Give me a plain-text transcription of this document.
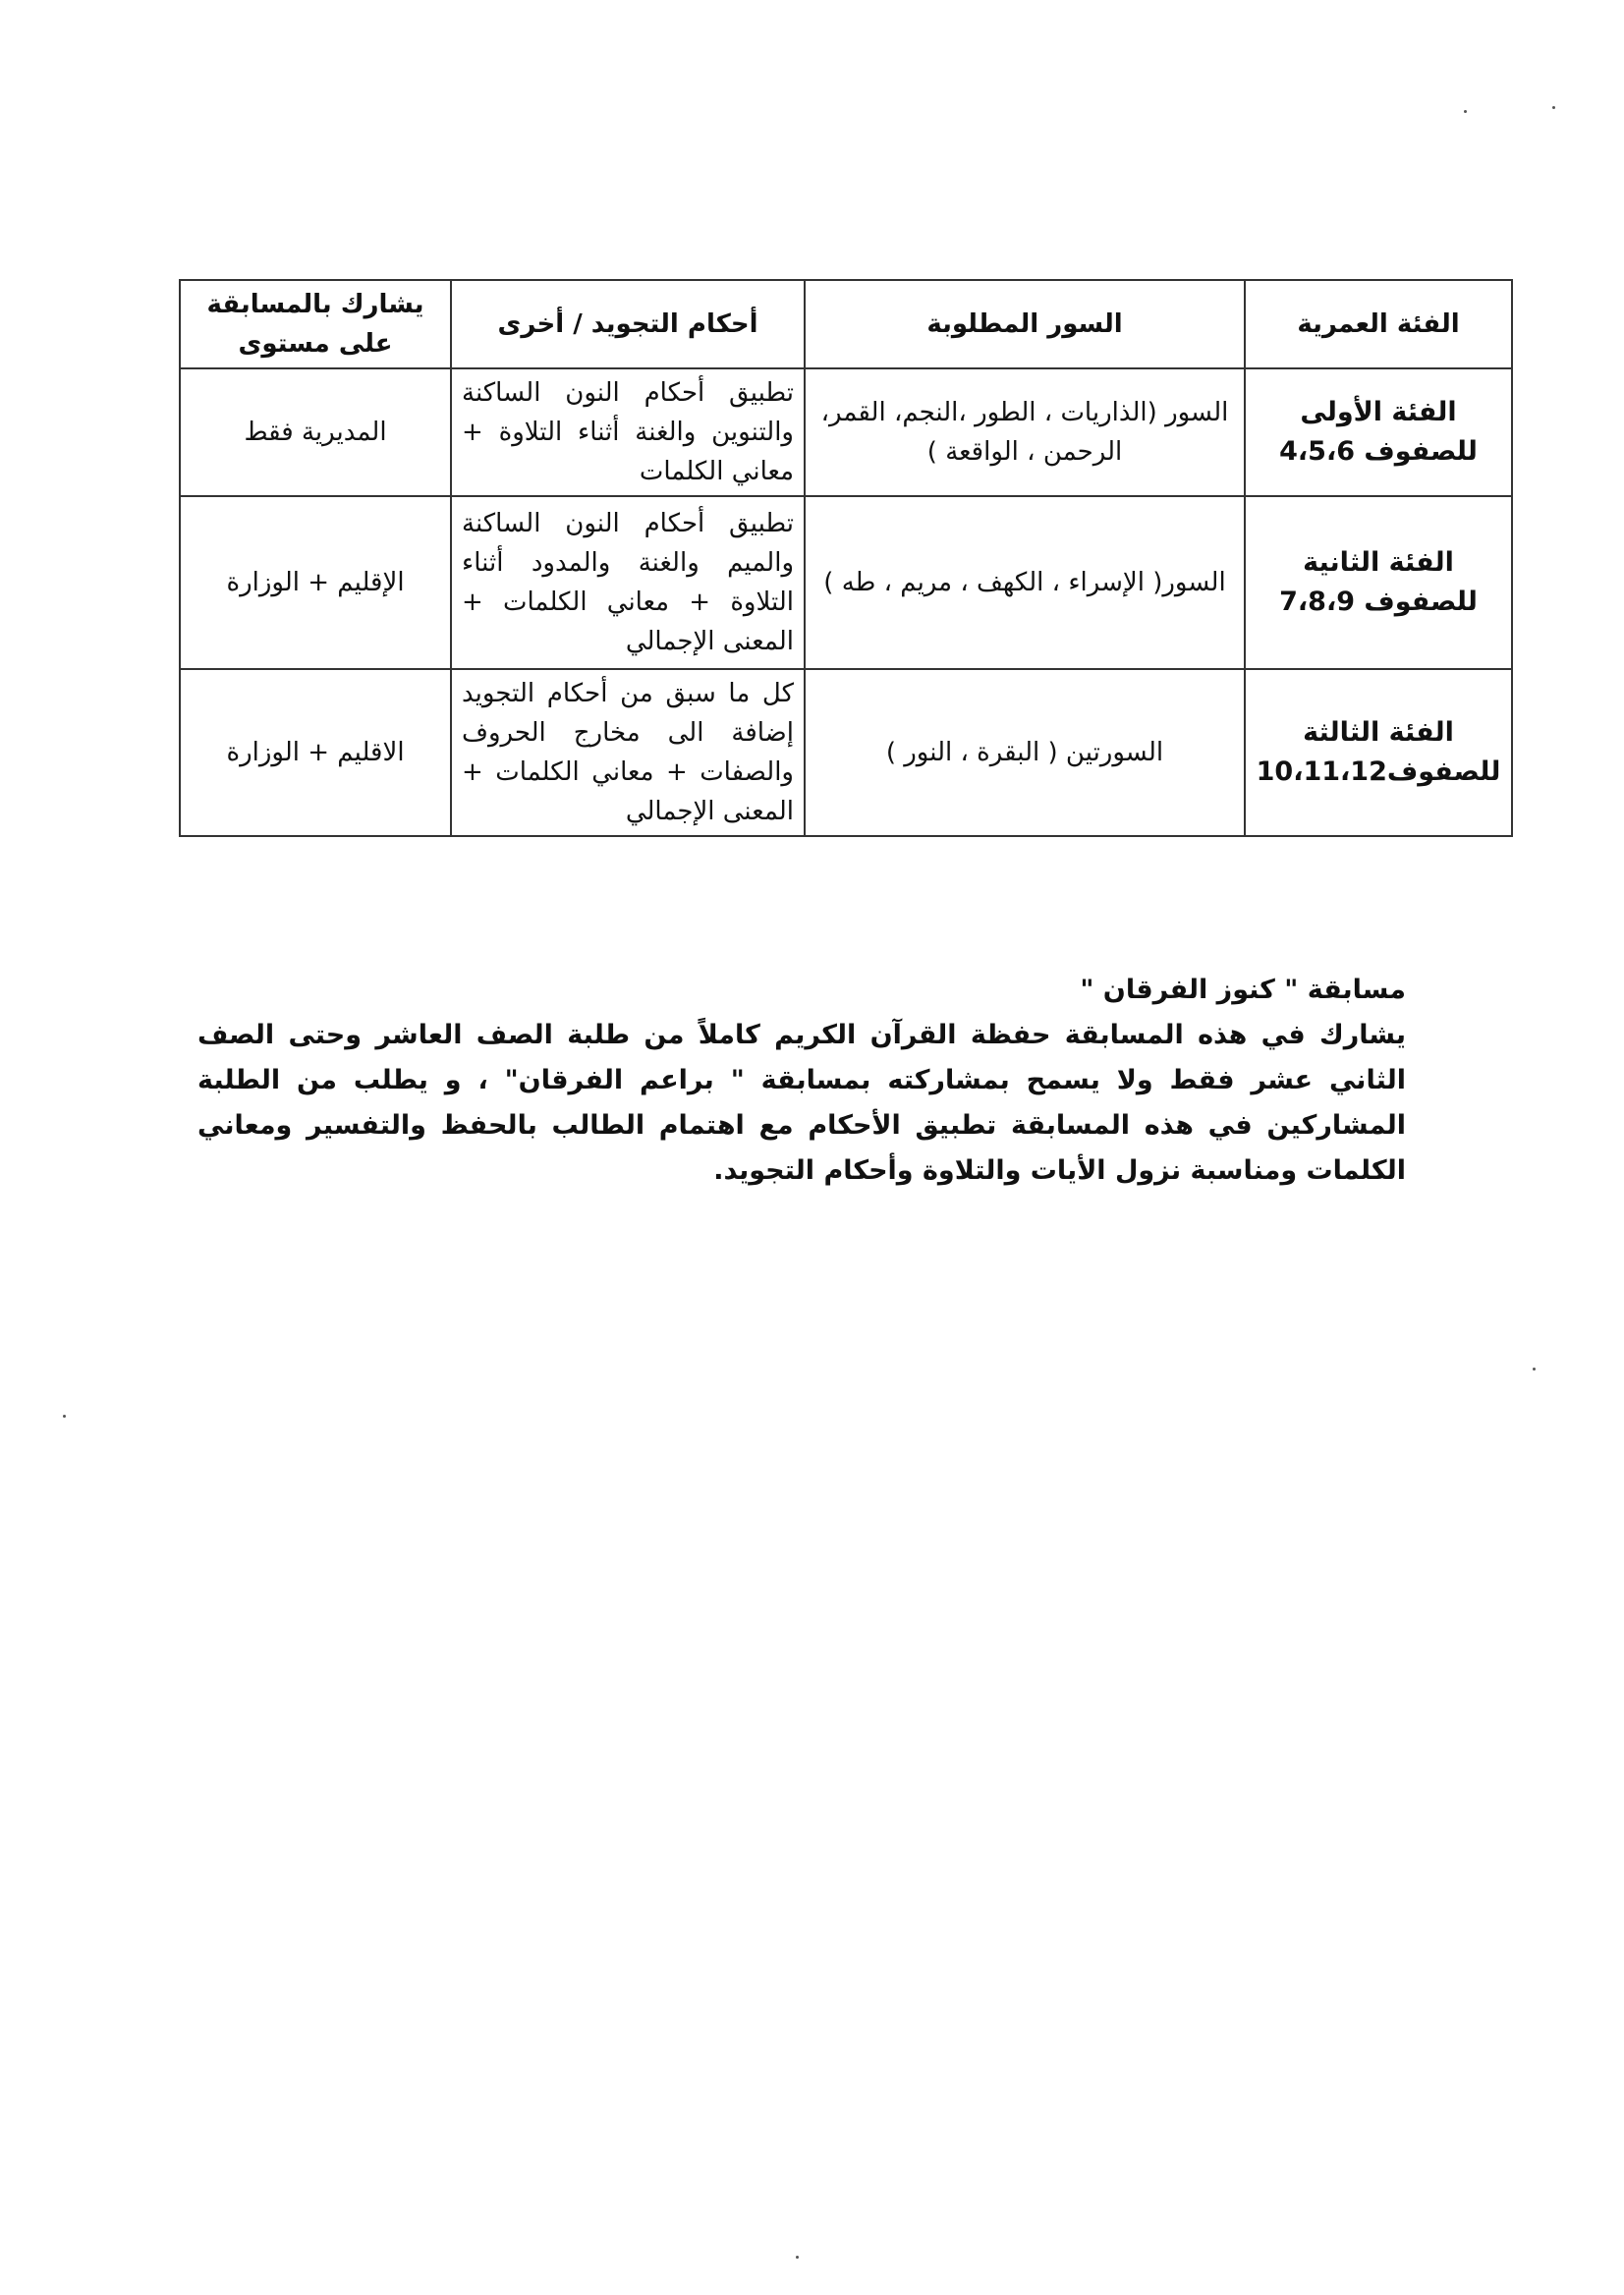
الفئة العمرية	السور المطلوبة	أحكام التجويد / أخرى	يشارك بالمسابقة على مستوى

الفئة الأولى
للصفوف 4،5،6	السور (الذاريات ، الطور ،النجم، القمر، الرحمن ، الواقعة )	تطبيق أحكام النون الساكنة والتنوين والغنة أثناء التلاوة + معاني الكلمات	المديرية فقط

الفئة الثانية
للصفوف 7،8،9	السور( الإسراء ، الكهف ، مريم ، طه )	تطبيق أحكام النون الساكنة والميم والغنة والمدود أثناء التلاوة + معاني الكلمات + المعنى الإجمالي	الإقليم + الوزارة

الفئة الثالثة
للصفوف10،11،12	السورتين ( البقرة ، النور )	كل ما سبق من أحكام التجويد إضافة الى مخارج الحروف والصفات + معاني الكلمات + المعنى الإجمالي	الاقليم + الوزارة
مسابقة " كنوز الفرقان "
يشارك في هذه المسابقة حفظة القرآن الكريم كاملاً من طلبة الصف العاشر وحتى الصف الثاني عشر فقط ولا يسمح بمشاركته بمسابقة " براعم الفرقان" ، و يطلب من الطلبة المشاركين في هذه المسابقة تطبيق الأحكام مع اهتمام الطالب بالحفظ والتفسير ومعاني الكلمات ومناسبة نزول الأيات والتلاوة وأحكام التجويد.
